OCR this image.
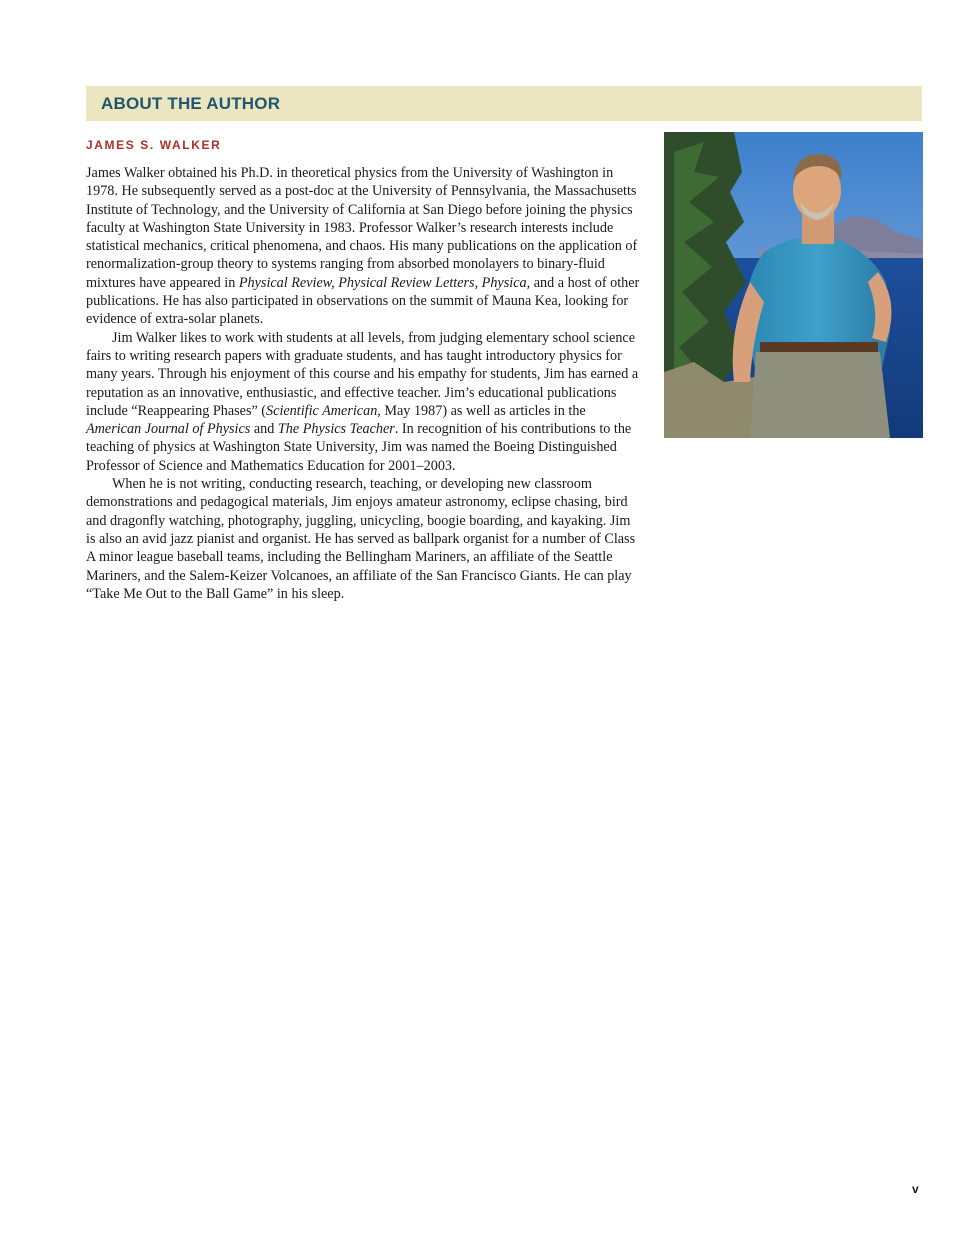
ABOUT THE AUTHOR
JAMES S. WALKER

James Walker obtained his Ph.D. in theoretical physics from the University of Washington in 1978. He subsequently served as a post-doc at the University of Pennsylvania, the Massachusetts Institute of Technology, and the University of California at San Diego before joining the physics faculty at Washington State University in 1983. Professor Walker’s research interests include statistical mechanics, critical phenomena, and chaos. His many publications on the application of renormalization-group theory to systems ranging from absorbed monolayers to binary-fluid mixtures have appeared in Physical Review, Physical Review Letters, Physica, and a host of other publications. He has also participated in observations on the summit of Mauna Kea, looking for evidence of extra-solar planets.

Jim Walker likes to work with students at all levels, from judging elementary school science fairs to writing research papers with graduate students, and has taught introductory physics for many years. Through his enjoyment of this course and his empathy for students, Jim has earned a reputation as an innovative, enthusiastic, and effective teacher. Jim’s educational publications include “Reappearing Phases” (Scientific American, May 1987) as well as articles in the American Journal of Physics and The Physics Teacher. In recognition of his contributions to the teaching of physics at Washington State University, Jim was named the Boeing Distinguished Professor of Science and Mathematics Education for 2001–2003.

When he is not writing, conducting research, teaching, or developing new classroom demonstrations and pedagogical materials, Jim enjoys amateur astronomy, eclipse chasing, bird and dragonfly watching, photography, juggling, unicycling, boogie boarding, and kayaking. Jim is also an avid jazz pianist and organist. He has served as ballpark organist for a number of Class A minor league baseball teams, including the Bellingham Mariners, an affiliate of the Seattle Mariners, and the Salem-Keizer Volcanoes, an affiliate of the San Francisco Giants. He can play “Take Me Out to the Ball Game” in his sleep.

v
